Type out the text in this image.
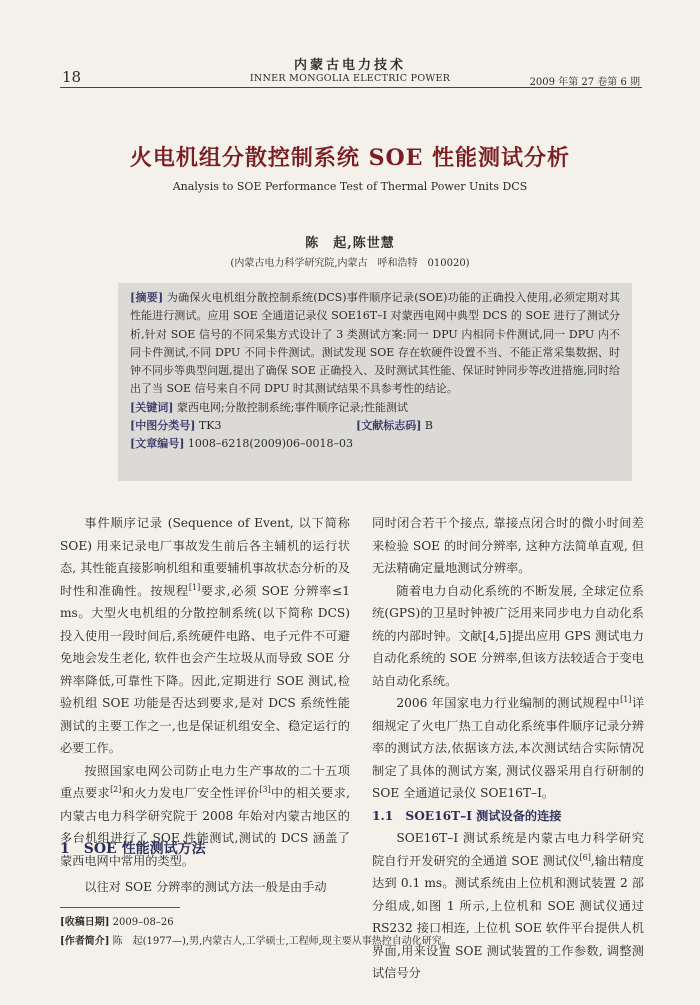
内蒙古电力技术
18	INNER MONGOLIA ELECTRIC POWER	2009 年第 27 卷第 6 期
火电机组分散控制系统 SOE 性能测试分析
Analysis to SOE Performance Test of Thermal Power Units DCS
陈　起,陈世慧
(内蒙古电力科学研究院,内蒙古　呼和浩特　010020)
[摘要] 为确保火电机组分散控制系统(DCS)事件顺序记录(SOE)功能的正确投入使用,必须定期对其性能进行测试。应用 SOE 全通道记录仪 SOE16T–I 对蒙西电网中典型 DCS 的 SOE 进行了测试分析,针对 SOE 信号的不同采集方式设计了 3 类测试方案:同一 DPU 内相同卡件测试,同一 DPU 内不同卡件测试,不同 DPU 不同卡件测试。测试发现 SOE 存在软硬件设置不当、不能正常采集数据、时钟不同步等典型问题,提出了确保 SOE 正确投入、及时测试其性能、保证时钟同步等改进措施,同时给出了当 SOE 信号来自不同 DPU 时其测试结果不具参考性的结论。
[关键词] 蒙西电网;分散控制系统;事件顺序记录;性能测试
[中图分类号] TK3	[文献标志码] B
[文章编号] 1008–6218(2009)06–0018–03

事件顺序记录 (Sequence of Event, 以下简称 SOE) 用来记录电厂事故发生前后各主辅机的运行状态, 其性能直接影响机组和重要辅机事故状态分析的及时性和准确性。按规程[1]要求,必须 SOE 分辨率≤1 ms。大型火电机组的分散控制系统(以下简称 DCS)投入使用一段时间后,系统硬件电路、电子元件不可避免地会发生老化, 软件也会产生垃圾从而导致 SOE 分辨率降低,可靠性下降。因此,定期进行 SOE 测试,检验机组 SOE 功能是否达到要求,是对 DCS 系统性能测试的主要工作之一,也是保证机组安全、稳定运行的必要工作。

按照国家电网公司防止电力生产事故的二十五项重点要求[2]和火力发电厂安全性评价[3]中的相关要求,内蒙古电力科学研究院于 2008 年始对内蒙古地区的多台机组进行了 SOE 性能测试,测试的 DCS 涵盖了蒙西电网中常用的类型。

1　SOE 性能测试方法

以往对 SOE 分辨率的测试方法一般是由手动

同时闭合若干个接点, 靠接点闭合时的微小时间差来检验 SOE 的时间分辨率, 这种方法简单直观, 但无法精确定量地测试分辨率。

随着电力自动化系统的不断发展, 全球定位系统(GPS)的卫星时钟被广泛用来同步电力自动化系统的内部时钟。文献[4,5]提出应用 GPS 测试电力自动化系统的 SOE 分辨率,但该方法较适合于变电站自动化系统。

2006 年国家电力行业编制的测试规程中[1]详细规定了火电厂热工自动化系统事件顺序记录分辨率的测试方法,依据该方法,本次测试结合实际情况制定了具体的测试方案, 测试仪器采用自行研制的 SOE 全通道记录仪 SOE16T–I。

1.1　SOE16T–I 测试设备的连接

SOE16T–I 测试系统是内蒙古电力科学研究院自行开发研究的全通道 SOE 测试仪[6],输出精度达到 0.1 ms。测试系统由上位机和测试装置 2 部分组成,如图 1 所示,上位机和 SOE 测试仪通过 RS232 接口相连, 上位机 SOE 软件平台提供人机界面,用来设置 SOE 测试装置的工作参数, 调整测试信号分

[收稿日期] 2009–08–26
[作者简介] 陈　起(1977—),男,内蒙古人,工学硕士,工程师,现主要从事热控自动化研究。
